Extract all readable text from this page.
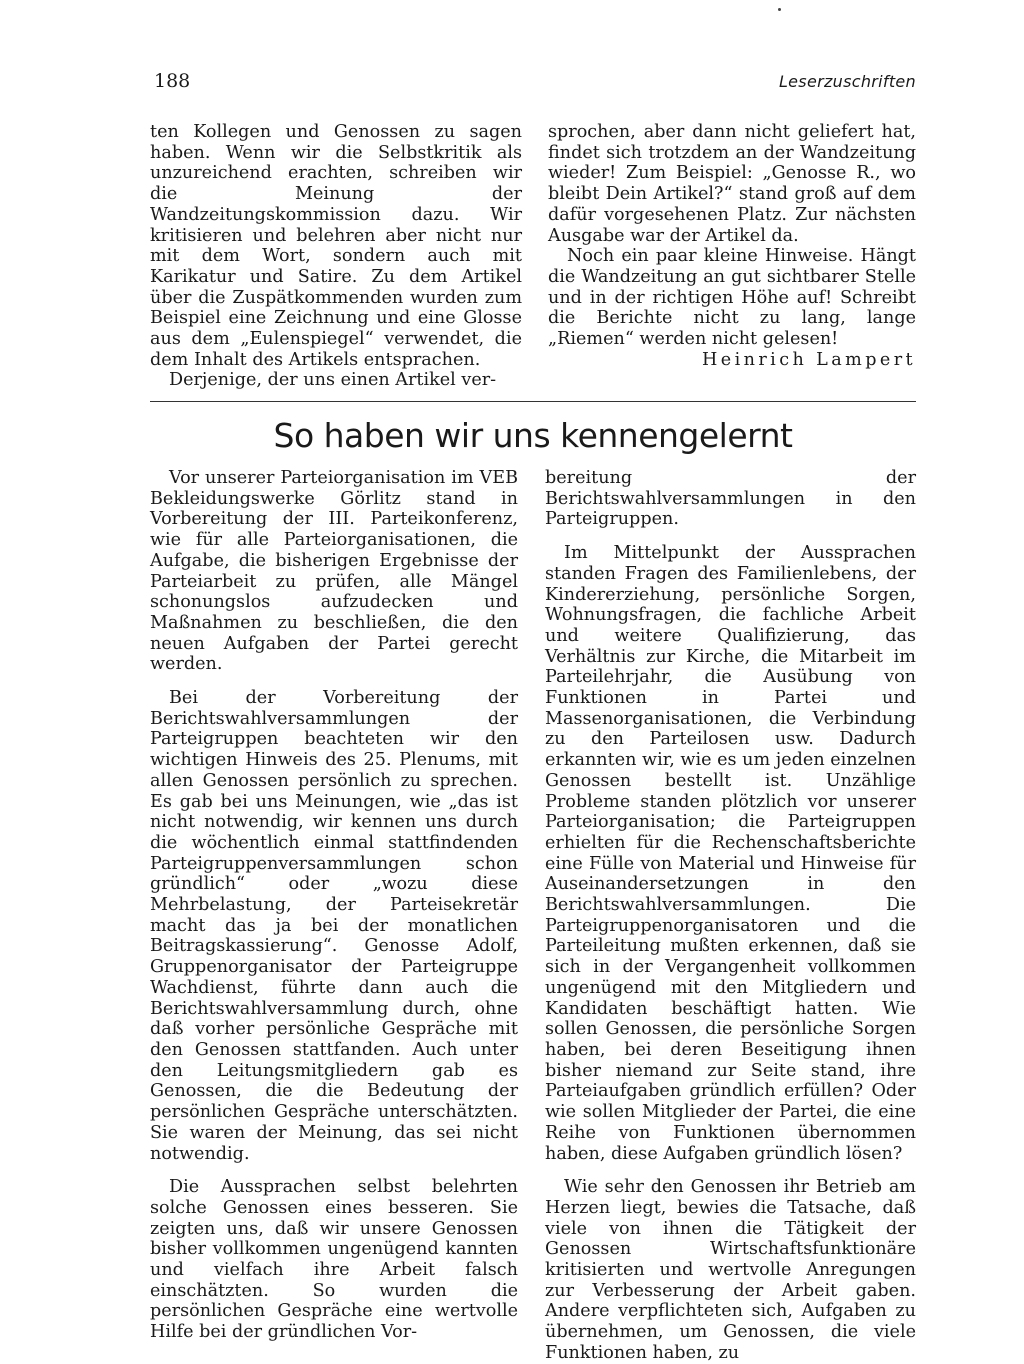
188	Leserzuschriften

ten Kollegen und Genossen zu sagen haben. Wenn wir die Selbstkritik als unzureichend erachten, schreiben wir die Meinung der Wandzeitungskommission dazu. Wir kritisieren und belehren aber nicht nur mit dem Wort, sondern auch mit Karikatur und Satire. Zu dem Artikel über die Zuspätkommenden wurden zum Beispiel eine Zeichnung und eine Glosse aus dem „Eulenspiegel“ verwendet, die dem Inhalt des Artikels entsprachen.

Derjenige, der uns einen Artikel ver-

sprochen, aber dann nicht geliefert hat, findet sich trotzdem an der Wandzeitung wieder! Zum Beispiel: „Genosse R., wo bleibt Dein Artikel?“ stand groß auf dem dafür vorgesehenen Platz. Zur nächsten Ausgabe war der Artikel da.

Noch ein paar kleine Hinweise. Hängt die Wandzeitung an gut sichtbarer Stelle und in der richtigen Höhe auf! Schreibt die Berichte nicht zu lang, lange „Riemen“ werden nicht gelesen!

Heinrich Lampert

So haben wir uns kennengelernt

Vor unserer Parteiorganisation im VEB Bekleidungswerke Görlitz stand in Vorbereitung der III. Parteikonferenz, wie für alle Parteiorganisationen, die Aufgabe, die bisherigen Ergebnisse der Parteiarbeit zu prüfen, alle Mängel schonungslos aufzudecken und Maßnahmen zu beschließen, die den neuen Aufgaben der Partei gerecht werden.

Bei der Vorbereitung der Berichtswahlversammlungen der Parteigruppen beachteten wir den wichtigen Hinweis des 25. Plenums, mit allen Genossen persönlich zu sprechen. Es gab bei uns Meinungen, wie „das ist nicht notwendig, wir kennen uns durch die wöchentlich einmal stattfindenden Parteigruppenversammlungen schon gründlich“ oder „wozu diese Mehrbelastung, der Parteisekretär macht das ja bei der monatlichen Beitragskassierung“. Genosse Adolf, Gruppenorganisator der Parteigruppe Wachdienst, führte dann auch die Berichtswahlversammlung durch, ohne daß vorher persönliche Gespräche mit den Genossen stattfanden. Auch unter den Leitungsmitgliedern gab es Genossen, die die Bedeutung der persönlichen Gespräche unterschätzten. Sie waren der Meinung, das sei nicht notwendig.

Die Aussprachen selbst belehrten solche Genossen eines besseren. Sie zeigten uns, daß wir unsere Genossen bisher vollkommen ungenügend kannten und vielfach ihre Arbeit falsch einschätzten. So wurden die persönlichen Gespräche eine wertvolle Hilfe bei der gründlichen Vor-

bereitung der Berichtswahlversammlungen in den Parteigruppen.

Im Mittelpunkt der Aussprachen standen Fragen des Familienlebens, der Kindererziehung, persönliche Sorgen, Wohnungsfragen, die fachliche Arbeit und weitere Qualifizierung, das Verhältnis zur Kirche, die Mitarbeit im Parteilehrjahr, die Ausübung von Funktionen in Partei und Massenorganisationen, die Verbindung zu den Parteilosen usw. Dadurch erkannten wir, wie es um jeden einzelnen Genossen bestellt ist. Unzählige Probleme standen plötzlich vor unserer Parteiorganisation; die Parteigruppen erhielten für die Rechenschaftsberichte eine Fülle von Material und Hinweise für Auseinandersetzungen in den Berichtswahlversammlungen. Die Parteigruppenorganisatoren und die Parteileitung mußten erkennen, daß sie sich in der Vergangenheit vollkommen ungenügend mit den Mitgliedern und Kandidaten beschäftigt hatten. Wie sollen Genossen, die persönliche Sorgen haben, bei deren Beseitigung ihnen bisher niemand zur Seite stand, ihre Parteiaufgaben gründlich erfüllen? Oder wie sollen Mitglieder der Partei, die eine Reihe von Funktionen übernommen haben, diese Aufgaben gründlich lösen?

Wie sehr den Genossen ihr Betrieb am Herzen liegt, bewies die Tatsache, daß viele von ihnen die Tätigkeit der Genossen Wirtschaftsfunktionäre kritisierten und wertvolle Anregungen zur Verbesserung der Arbeit gaben. Andere verpflichteten sich, Aufgaben zu übernehmen, um Genossen, die viele Funktionen haben, zu
